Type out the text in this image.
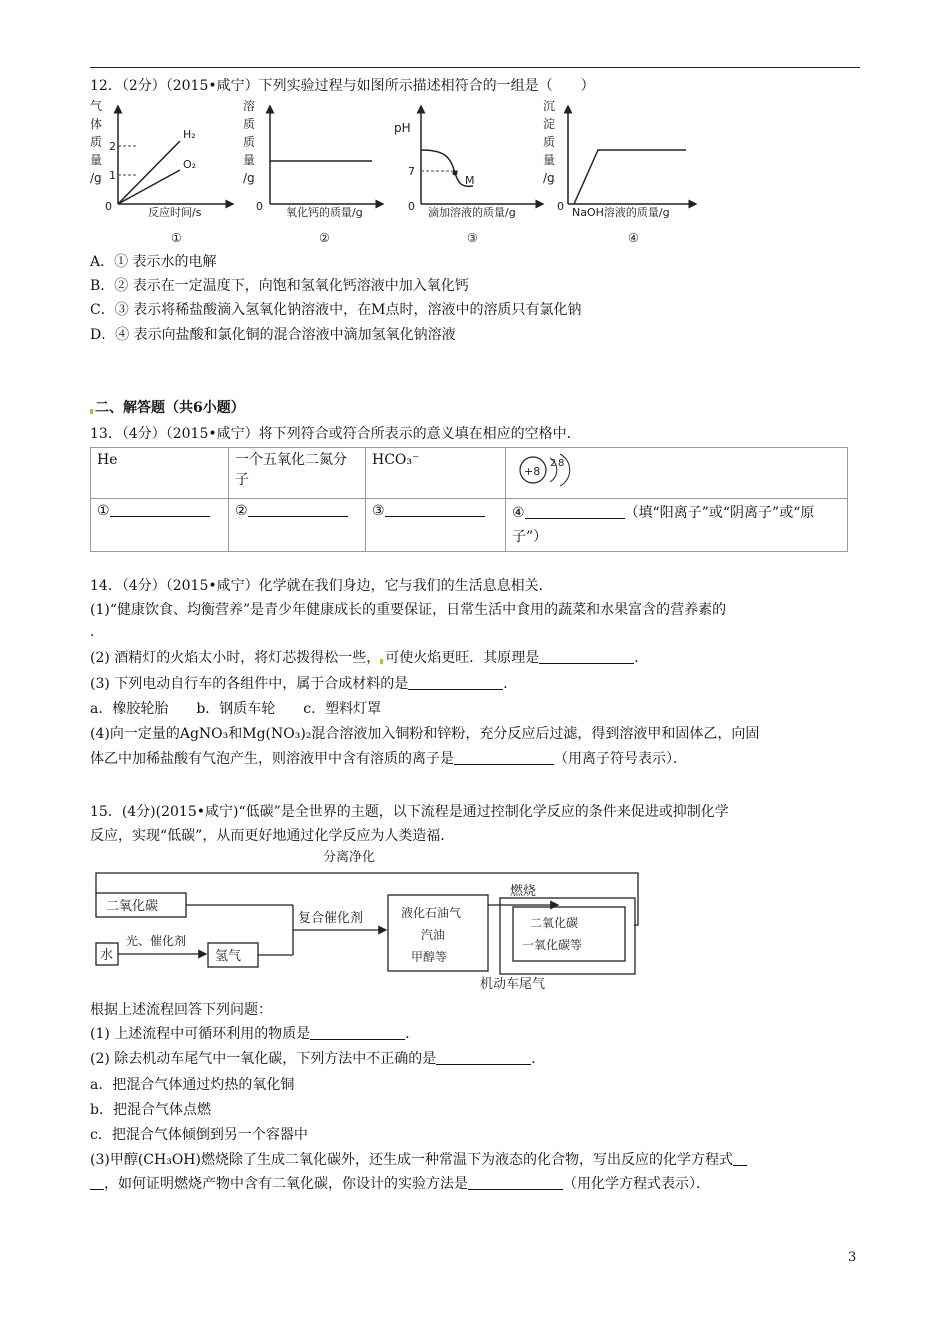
12．（2分）（2015•咸宁）下列实验过程与如图所示描述相符合的一组是（　　）
气
体
质
量
/g
2
1
H₂
O₂
0	反应时间/s
①
溶
质
质
量
/g
0 氧化钙的质量/g
②
pH
7
M
0 滴加溶液的质量/g
③
沉
淀
质
量
/g
0 NaOH溶液的质量/g
④
A．① 表示水的电解
B．② 表示在一定温度下，向饱和氢氧化钙溶液中加入氧化钙
C．③ 表示将稀盐酸滴入氢氧化钠溶液中，在M点时，溶液中的溶质只有氯化钠
D．④ 表示向盐酸和氯化铜的混合溶液中滴加氢氧化钠溶液
二、解答题（共6小题）
13．（4分）（2015•咸宁）将下列符合或符合所表示的意义填在相应的空格中．
He	一个五氧化二氮分子	HCO₃⁻	+8
2 8

①	②	③	④ （填“阳离子”或“阴离子”或“原子”）
14．（4分）（2015•咸宁）化学就在我们身边，它与我们的生活息息相关．
(1)“健康饮食、均衡营养”是青少年健康成长的重要保证，日常生活中食用的蔬菜和水果富含的营养素的
．
(2) 酒精灯的火焰太小时，将灯芯拨得松一些， 可使火焰更旺．其原理是	．
(3) 下列电动自行车的各组件中，属于合成材料的是	．
a．橡胶轮胎　　b．钢质车轮　　c．塑料灯罩
(4)向一定量的AgNO₃和Mg(NO₃)₂混合溶液加入铜粉和锌粉，充分反应后过滤，得到溶液甲和固体乙，向固
体乙中加稀盐酸有气泡产生，则溶液甲中含有溶质的离子是	（用离子符号表示）．
15．(4分)(2015•咸宁)“低碳”是全世界的主题，以下流程是通过控制化学反应的条件来促进或抑制化学
反应，实现“低碳”，从而更好地通过化学反应为人类造福．
分离净化
二氧化碳
水
光、催化剂
氢气
复合催化剂	液化石油气
汽油
甲醇等
燃烧
二氧化碳
一氧化碳等
机动车尾气
根据上述流程回答下列问题：
(1) 上述流程中可循环利用的物质是	．
(2) 除去机动车尾气中一氧化碳，下列方法中不正确的是	．
a．把混合气体通过灼热的氧化铜
b．把混合气体点燃
c．把混合气体倾倒到另一个容器中
(3)甲醇(CH₃OH)燃烧除了生成二氧化碳外，还生成一种常温下为液态的化合物，写出反应的化学方程式
，如何证明燃烧产物中含有二氧化碳，你设计的实验方法是	（用化学方程式表示）．
3
